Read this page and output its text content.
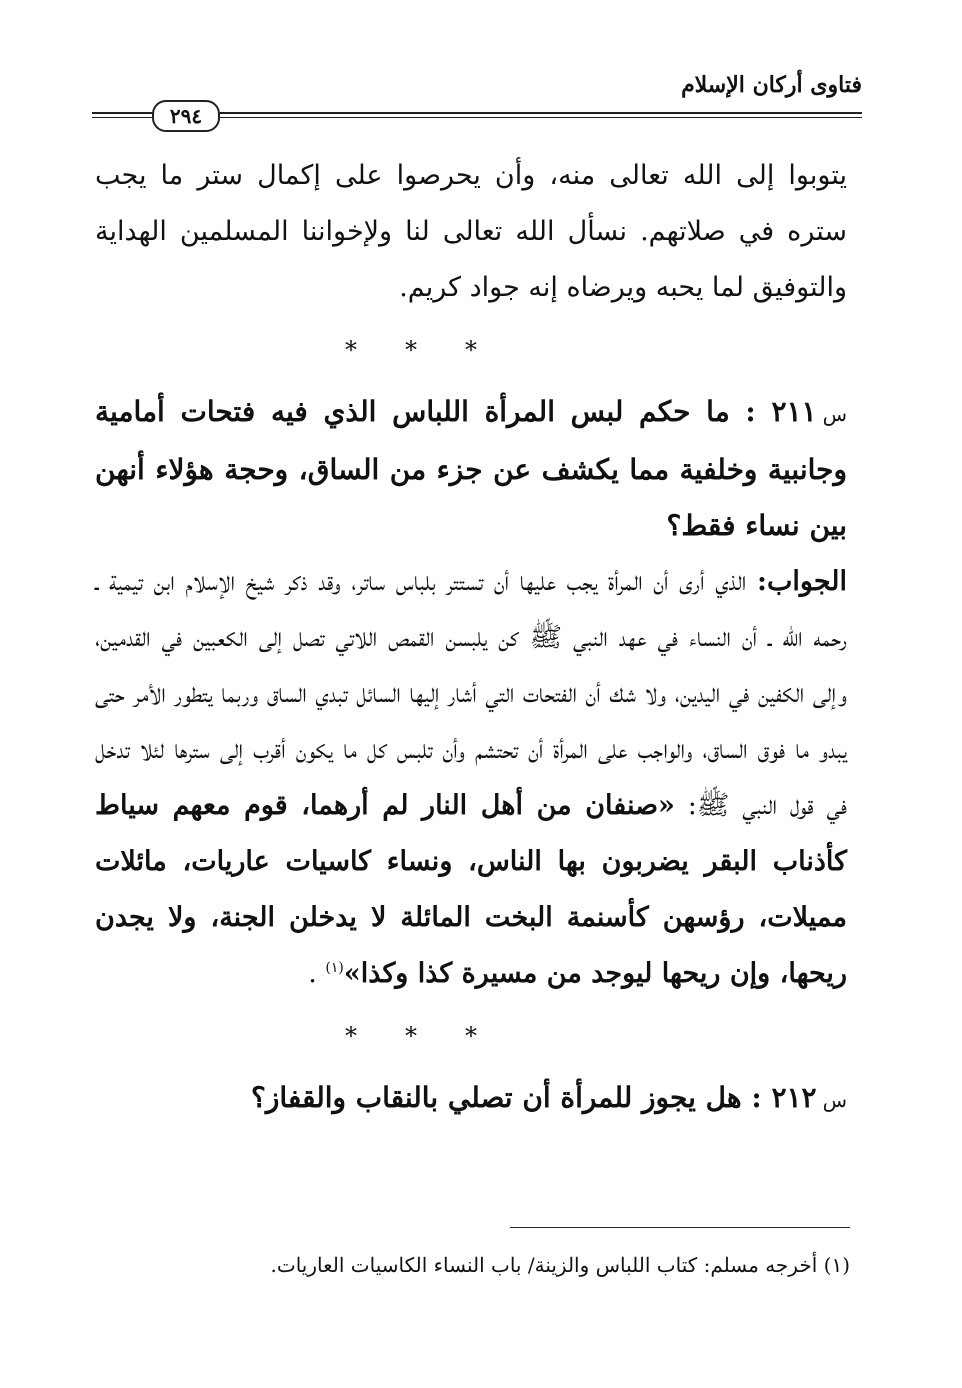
فتاوى أركان الإسلام
٢٩٤

يتوبوا إلى الله تعالى منه، وأن يحرصوا على إكمال ستر ما يجب ستره في صلاتهم. نسأل الله تعالى لنا ولإخواننا المسلمين الهداية والتوفيق لما يحبه ويرضاه إنه جواد كريم.

* * *

س٢١١ : ما حكم لبس المرأة اللباس الذي فيه فتحات أمامية وجانبية وخلفية مما يكشف عن جزء من الساق، وحجة هؤلاء أنهن بين نساء فقط؟

الجواب: الذي أرى أن المرأة يجب عليها أن تستتر بلباس ساتر، وقد ذكر شيخ الإسلام ابن تيمية ـ رحمه الله ـ أن النساء في عهد النبي ﷺ كن يلبسن القمص اللاتي تصل إلى الكعبين في القدمين، وإلى الكفين في اليدين، ولا شك أن الفتحات التي أشار إليها السائل تبدي الساق وربما يتطور الأمر حتى يبدو ما فوق الساق، والواجب على المرأة أن تحتشم وأن تلبس كل ما يكون أقرب إلى سترها لئلا تدخل في قول النبي ﷺ: «صنفان من أهل النار لم أرهما، قوم معهم سياط كأذناب البقر يضربون بها الناس، ونساء كاسيات عاريات، مائلات مميلات، رؤسهن كأسنمة البخت المائلة لا يدخلن الجنة، ولا يجدن ريحها، وإن ريحها ليوجد من مسيرة كذا وكذا»$^{(١)}$ .

* * *

س٢١٢ : هل يجوز للمرأة أن تصلي بالنقاب والقفاز؟

(١) أخرجه مسلم: كتاب اللباس والزينة/ باب النساء الكاسيات العاريات.
